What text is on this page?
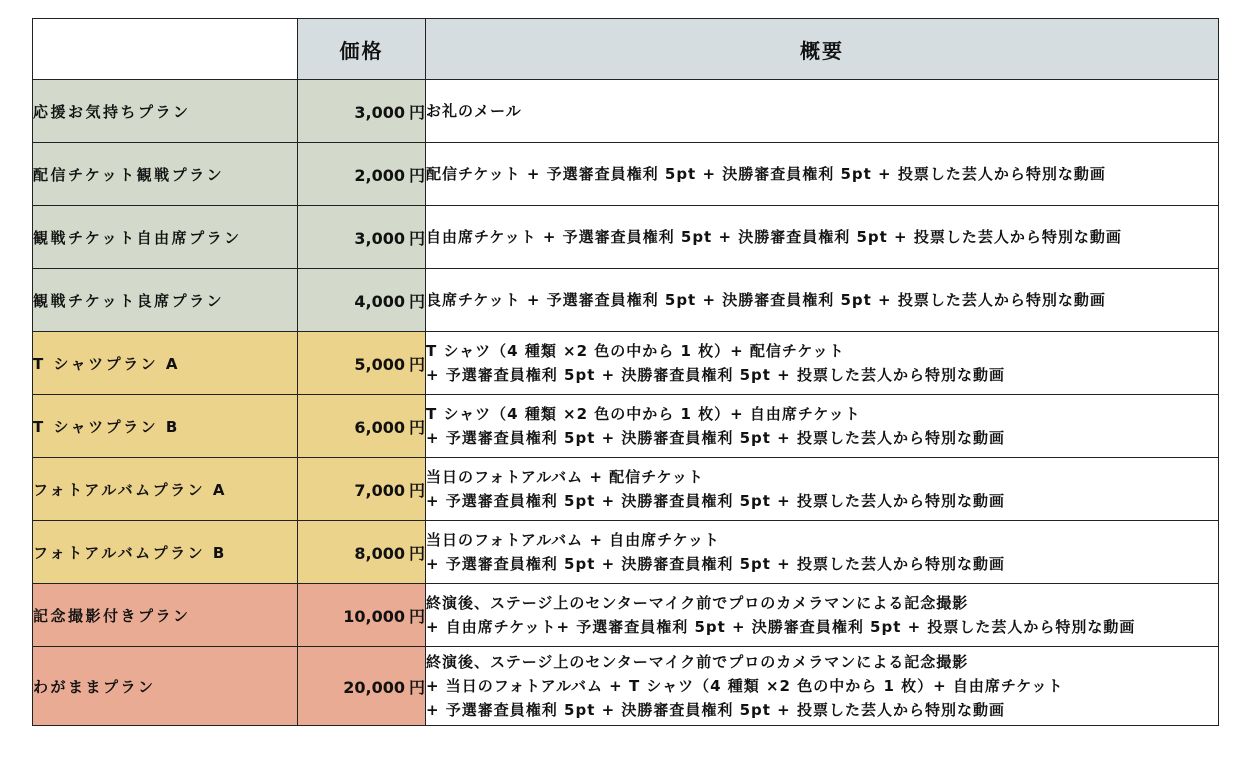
	価格	概要
応援お気持ちプラン	3,000 円	お礼のメール

配信チケット観戦プラン	2,000 円	配信チケット + 予選審査員権利 5pt + 決勝審査員権利 5pt + 投票した芸人から特別な動画

観戦チケット自由席プラン	3,000 円	自由席チケット + 予選審査員権利 5pt + 決勝審査員権利 5pt + 投票した芸人から特別な動画

観戦チケット良席プラン	4,000 円	良席チケット + 予選審査員権利 5pt + 決勝審査員権利 5pt + 投票した芸人から特別な動画

T シャツプラン A	5,000 円	T シャツ（4 種類 ×2 色の中から 1 枚）+ 配信チケット
+ 予選審査員権利 5pt + 決勝審査員権利 5pt + 投票した芸人から特別な動画

T シャツプラン B	6,000 円	T シャツ（4 種類 ×2 色の中から 1 枚）+ 自由席チケット
+ 予選審査員権利 5pt + 決勝審査員権利 5pt + 投票した芸人から特別な動画

フォトアルバムプラン A	7,000 円	当日のフォトアルバム + 配信チケット
+ 予選審査員権利 5pt + 決勝審査員権利 5pt + 投票した芸人から特別な動画

フォトアルバムプラン B	8,000 円	当日のフォトアルバム + 自由席チケット
+ 予選審査員権利 5pt + 決勝審査員権利 5pt + 投票した芸人から特別な動画

記念撮影付きプラン	10,000 円	終演後、ステージ上のセンターマイク前でプロのカメラマンによる記念撮影
+ 自由席チケット+ 予選審査員権利 5pt + 決勝審査員権利 5pt + 投票した芸人から特別な動画

わがままプラン	20,000 円	終演後、ステージ上のセンターマイク前でプロのカメラマンによる記念撮影
+ 当日のフォトアルバム + T シャツ（4 種類 ×2 色の中から 1 枚）+ 自由席チケット
+ 予選審査員権利 5pt + 決勝審査員権利 5pt + 投票した芸人から特別な動画
